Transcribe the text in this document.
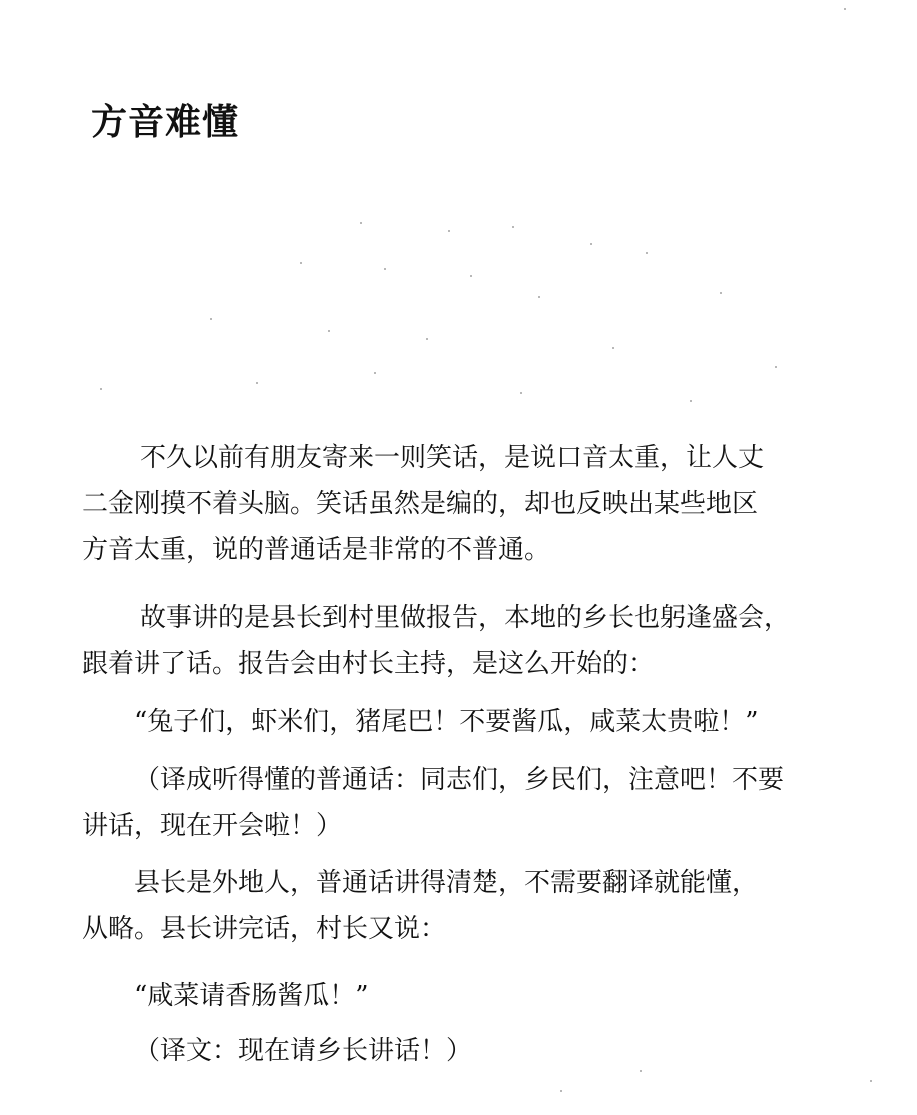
方音难懂
不久以前有朋友寄来一则笑话，是说口音太重，让人丈
二金刚摸不着头脑。笑话虽然是编的，却也反映出某些地区
方音太重，说的普通话是非常的不普通。
故事讲的是县长到村里做报告，本地的乡长也躬逢盛会，
跟着讲了话。报告会由村长主持，是这么开始的：
“兔子们，虾米们，猪尾巴！不要酱瓜，咸菜太贵啦！”
（译成听得懂的普通话：同志们，乡民们，注意吧！不要
讲话，现在开会啦！）
县长是外地人，普通话讲得清楚，不需要翻译就能懂，
从略。县长讲完话，村长又说：
“咸菜请香肠酱瓜！”
（译文：现在请乡长讲话！）
